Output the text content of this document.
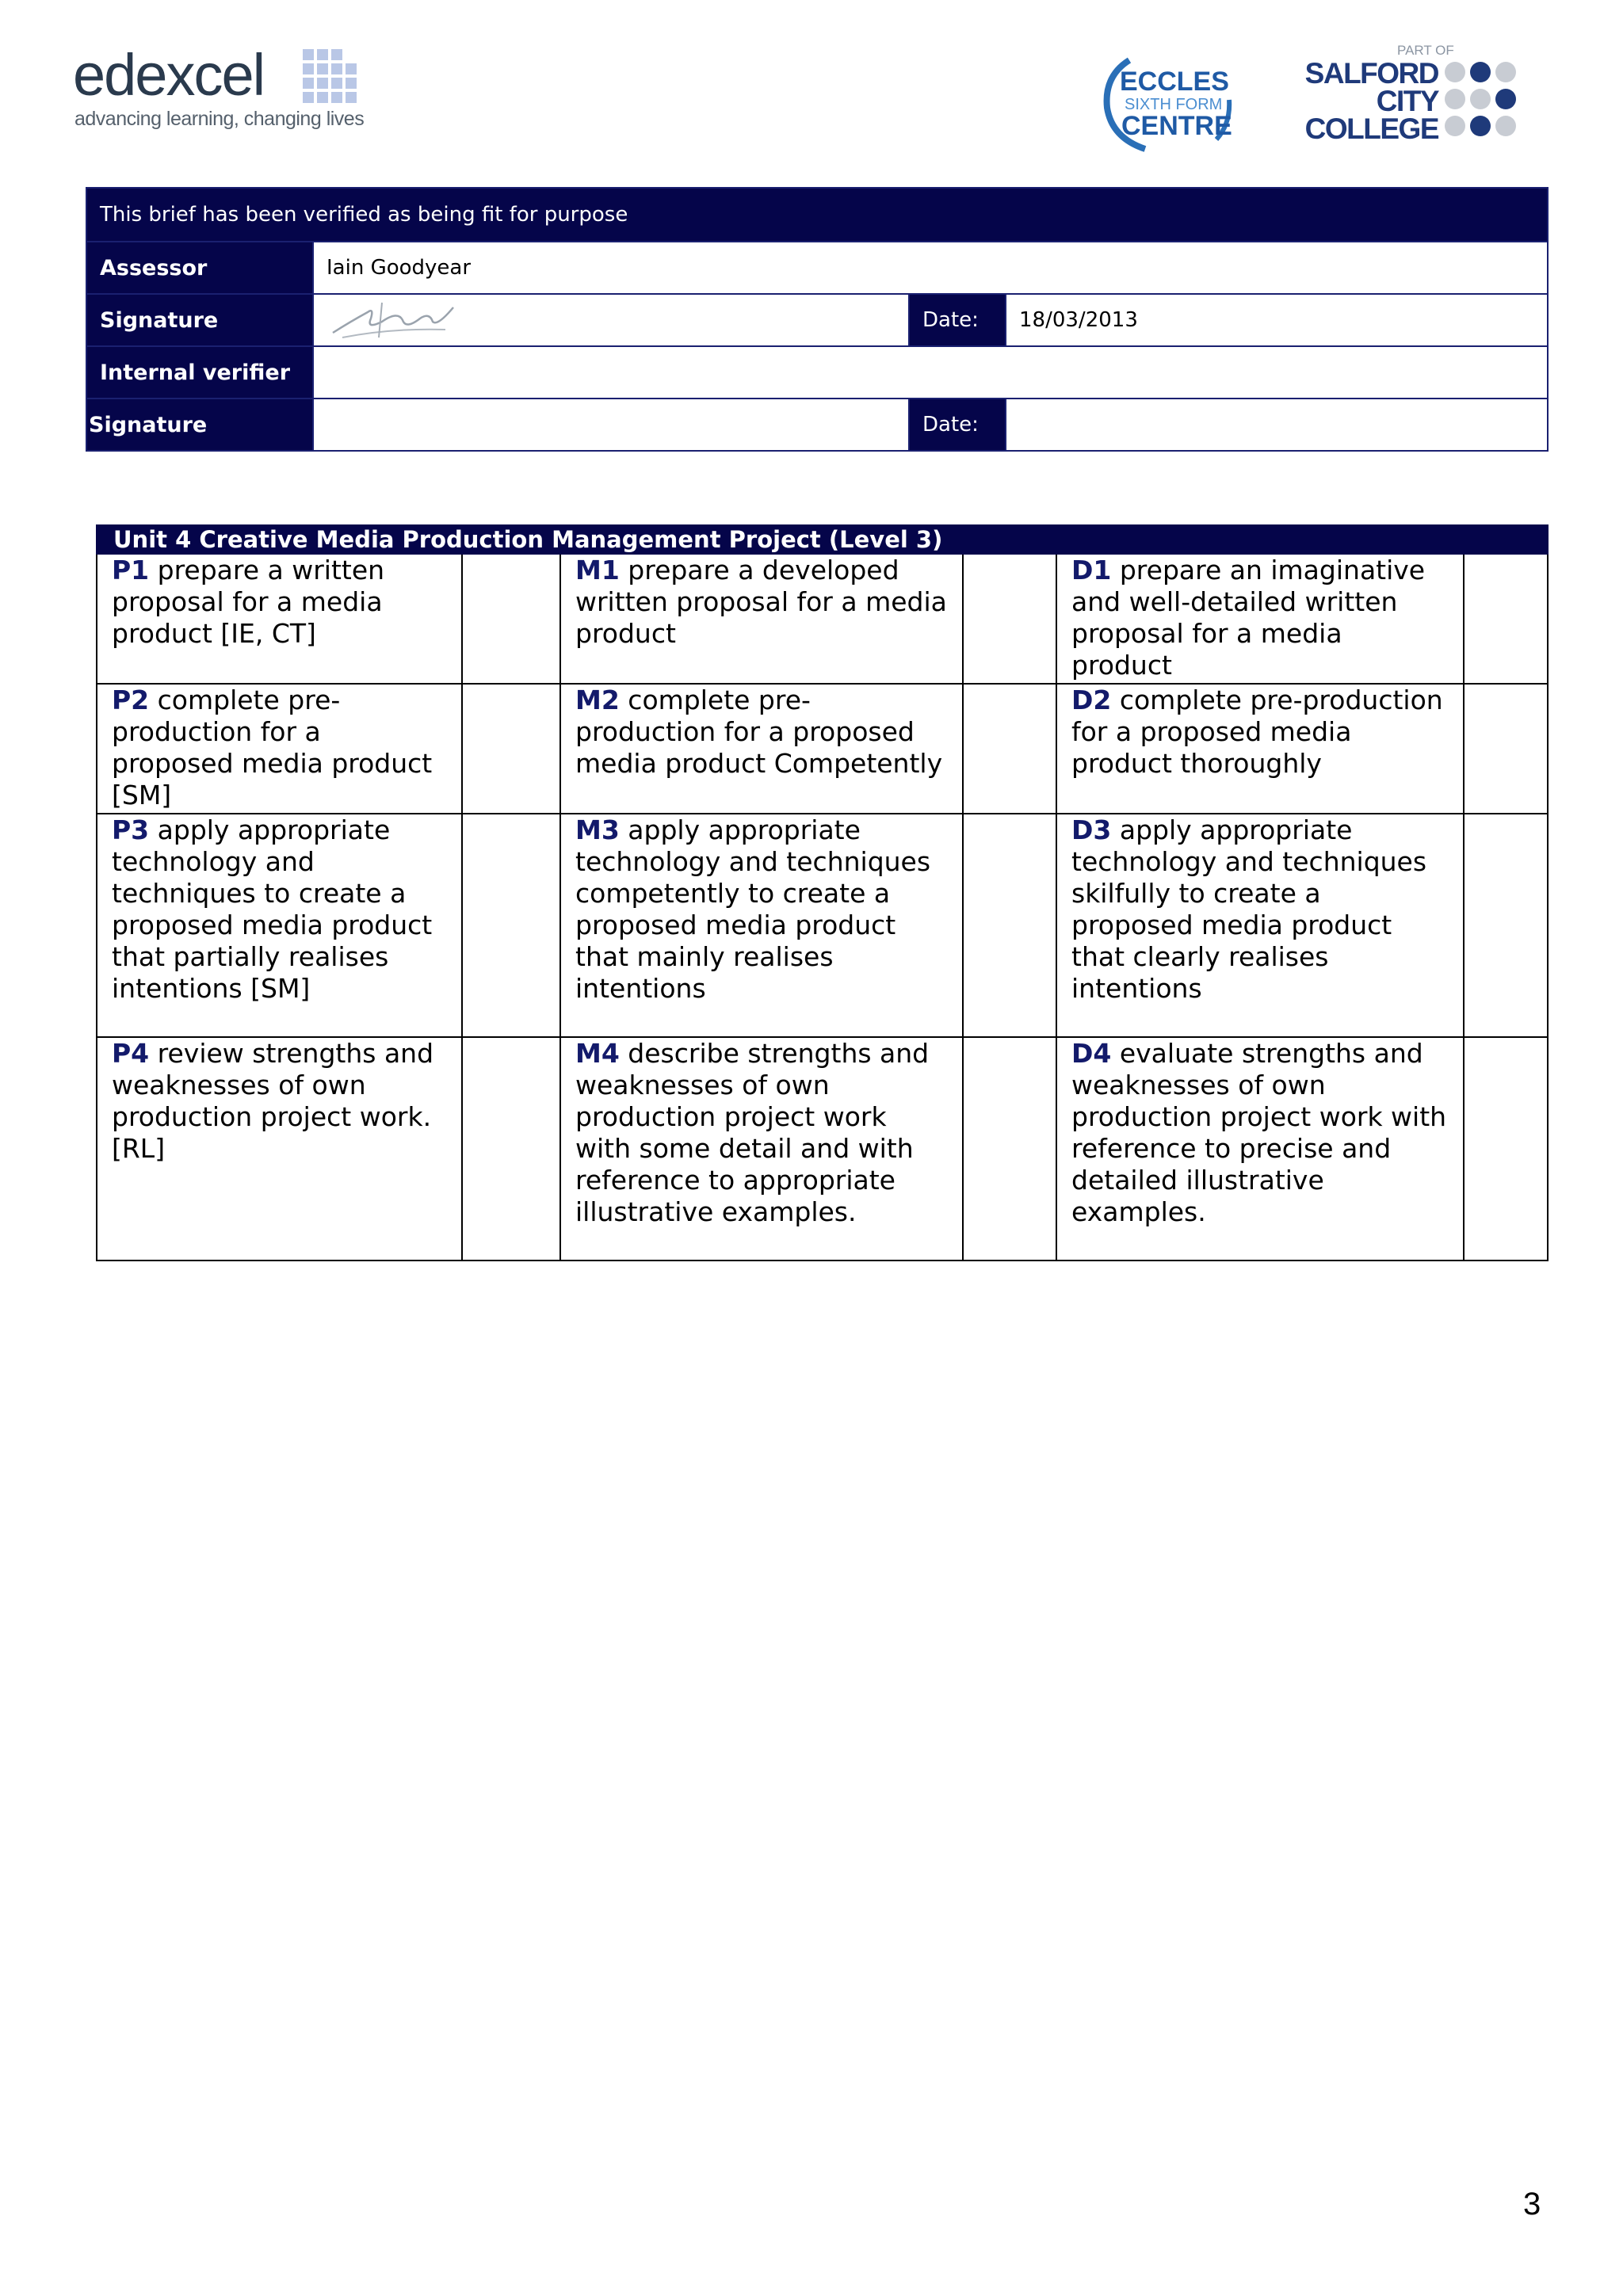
edexcel
advancing learning, changing lives
ECCLES
SIXTH FORM
CENTRE
PART OF
SALFORD
CITY
COLLEGE
This brief has been verified as being fit for purpose			
Assessor	Iain Goodyear		
Signature		Date:	18/03/2013
Internal verifier			
Signature		Date:	
Unit 4 Creative Media Production Management Project (Level 3)					
P1 prepare a written proposal for a media product [IE, CT]		M1 prepare a developed written proposal for a media product		D1 prepare an imaginative and well-detailed written proposal for a media product	
P2 complete pre-production for a proposed media product [SM]		M2 complete pre-production for a proposed media product Competently		D2 complete pre-production for a proposed media product thoroughly	
P3 apply appropriate technology and techniques to create a proposed media product that partially realises intentions [SM]		M3 apply appropriate technology and techniques competently to create a proposed media product that mainly realises intentions		D3 apply appropriate technology and techniques skilfully to create a proposed media product that clearly realises intentions	
P4 review strengths and weaknesses of own production project work. [RL]		M4 describe strengths and weaknesses of own production project work with some detail and with reference to appropriate illustrative examples.		D4 evaluate strengths and weaknesses of own production project work with reference to precise and detailed illustrative examples.	
3
